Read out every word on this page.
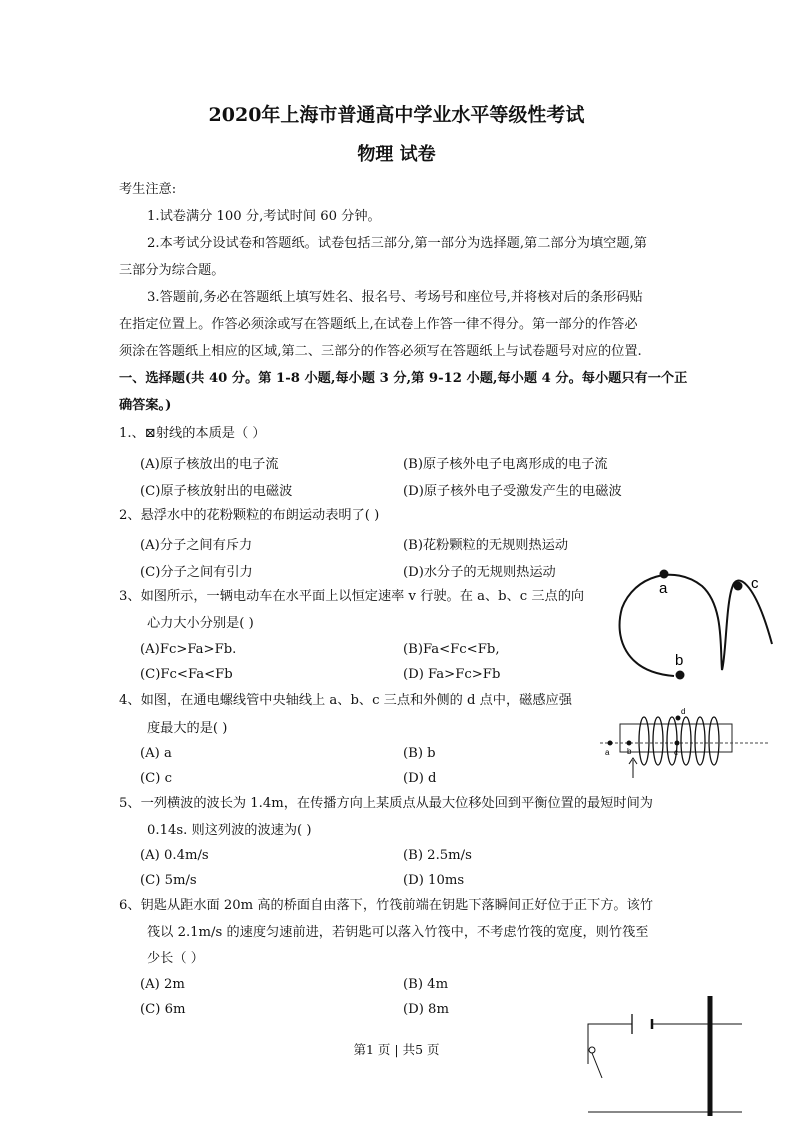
2020年上海市普通高中学业水平等级性考试
物理 试卷
考生注意:
1.试卷满分 100 分,考试时间 60 分钟。
2.本考试分设试卷和答题纸。试卷包括三部分,第一部分为选择题,第二部分为填空题,第
三部分为综合题。
3.答题前,务必在答题纸上填写姓名、报名号、考场号和座位号,并将核对后的条形码贴
在指定位置上。作答必须涂或写在答题纸上,在试卷上作答一律不得分。第一部分的作答必
须涂在答题纸上相应的区域,第二、三部分的作答必须写在答题纸上与试卷题号对应的位置.
一、选择题(共 40 分。第 1-8 小题,每小题 3 分,第 9-12 小题,每小题 4 分。每小题只有一个正
确答案。)
1.、⊠射线的本质是（ ）
(A)原子核放出的电子流	(B)原子核外电子电离形成的电子流
(C)原子核放射出的电磁波	(D)原子核外电子受激发产生的电磁波
2、悬浮水中的花粉颗粒的布朗运动表明了( )
(A)分子之间有斥力	(B)花粉颗粒的无规则热运动
(C)分子之间有引力	(D)水分子的无规则热运动
3、如图所示，一辆电动车在水平面上以恒定速率 v 行驶。在 a、b、c 三点的向
心力大小分别是( )
(A)Fc>Fa>Fb.	(B)Fa<Fc<Fb,
(C)Fc<Fa<Fb	(D) Fa>Fc>Fb
a
b
c
4、如图，在通电螺线管中央轴线上 a、b、c 三点和外侧的 d 点中，磁感应强
度最大的是( )
(A) a	(B) b
(C) c	(D) d
a b	c
d
5、一列横波的波长为 1.4m，在传播方向上某质点从最大位移处回到平衡位置的最短时间为
0.14s. 则这列波的波速为( )
(A) 0.4m/s	(B) 2.5m/s
(C) 5m/s	(D) 10ms
6、钥匙从距水面 20m 高的桥面自由落下，竹筏前端在钥匙下落瞬间正好位于正下方。该竹
筏以 2.1m/s 的速度匀速前进，若钥匙可以落入竹筏中，不考虑竹筏的宽度，则竹筏至
少长（ ）
(A) 2m	(B) 4m
(C) 6m	(D) 8m
第1 页 | 共5 页
